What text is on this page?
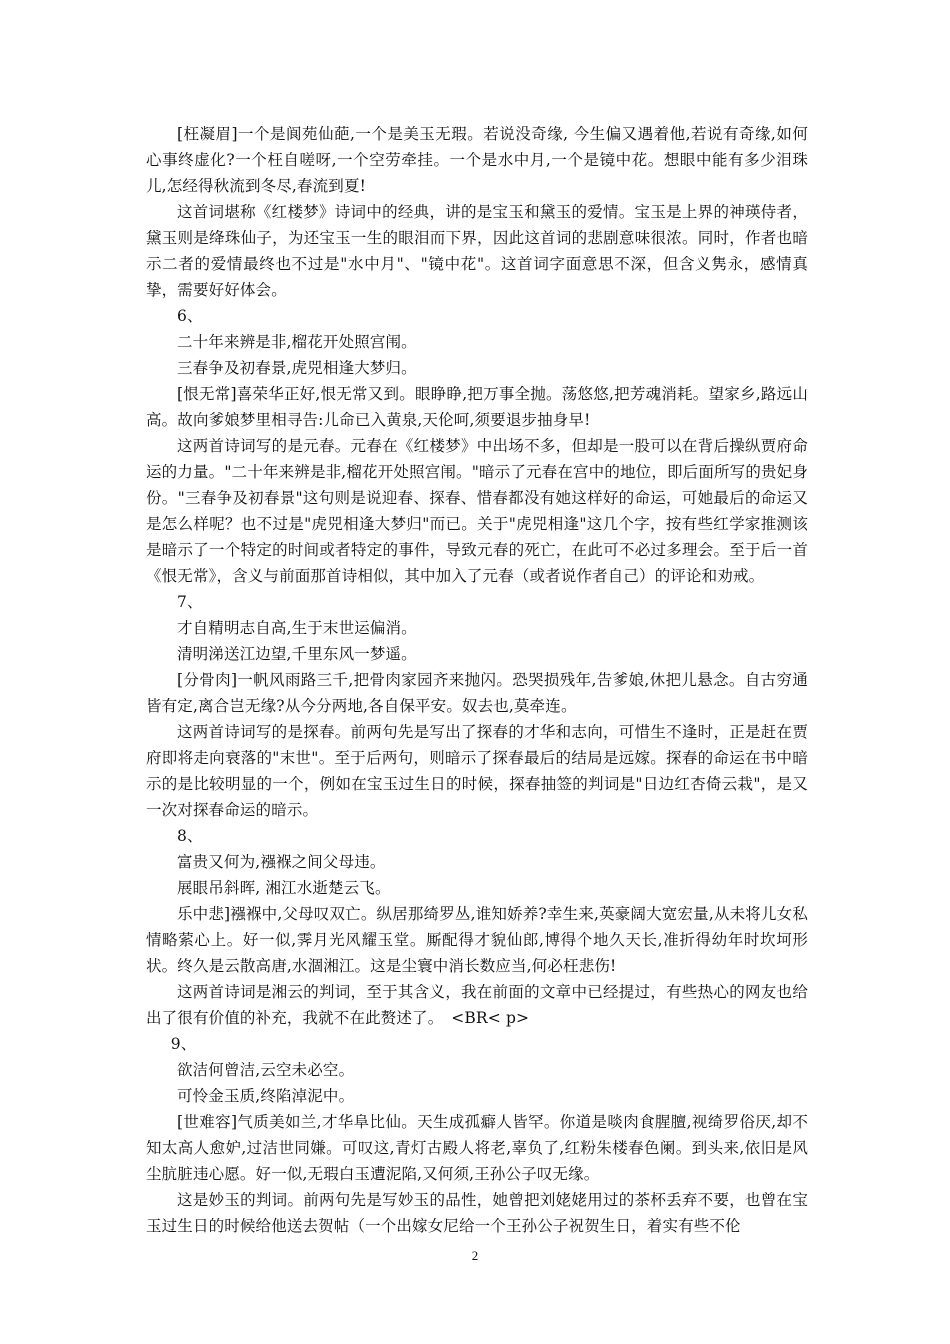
[枉凝眉]一个是阆苑仙葩,一个是美玉无瑕。若说没奇缘, 今生偏又遇着他,若说有奇缘,如何心事终虚化?一个枉自嗟呀,一个空劳牵挂。一个是水中月,一个是镜中花。想眼中能有多少泪珠儿,怎经得秋流到冬尽,春流到夏!

这首词堪称《红楼梦》诗词中的经典，讲的是宝玉和黛玉的爱情。宝玉是上界的神瑛侍者，黛玉则是绛珠仙子，为还宝玉一生的眼泪而下界，因此这首词的悲剧意味很浓。同时，作者也暗示二者的爱情最终也不过是"水中月"、"镜中花"。这首词字面意思不深，但含义隽永，感情真挚，需要好好体会。

6、

二十年来辨是非,榴花开处照宫闱。

三春争及初春景,虎兕相逢大梦归。

[恨无常]喜荣华正好,恨无常又到。眼睁睁,把万事全抛。荡悠悠,把芳魂消耗。望家乡,路远山高。故向爹娘梦里相寻告:儿命已入黄泉,天伦呵,须要退步抽身早!

这两首诗词写的是元春。元春在《红楼梦》中出场不多，但却是一股可以在背后操纵贾府命运的力量。"二十年来辨是非,榴花开处照宫闱。"暗示了元春在宫中的地位，即后面所写的贵妃身份。"三春争及初春景"这句则是说迎春、探春、惜春都没有她这样好的命运，可她最后的命运又是怎么样呢？也不过是"虎兕相逢大梦归"而已。关于"虎兕相逢"这几个字，按有些红学家推测该是暗示了一个特定的时间或者特定的事件，导致元春的死亡，在此可不必过多理会。至于后一首《恨无常》，含义与前面那首诗相似，其中加入了元春（或者说作者自己）的评论和劝戒。

7、

才自精明志自高,生于末世运偏消。

清明涕送江边望,千里东风一梦遥。

[分骨肉]一帆风雨路三千,把骨肉家园齐来抛闪。恐哭损残年,告爹娘,休把儿悬念。自古穷通皆有定,离合岂无缘?从今分两地,各自保平安。奴去也,莫牵连。

这两首诗词写的是探春。前两句先是写出了探春的才华和志向，可惜生不逢时，正是赶在贾府即将走向衰落的"末世"。至于后两句，则暗示了探春最后的结局是远嫁。探春的命运在书中暗示的是比较明显的一个，例如在宝玉过生日的时候，探春抽签的判词是"日边红杏倚云栽"，是又一次对探春命运的暗示。

8、

富贵又何为,襁褓之间父母违。

展眼吊斜晖, 湘江水逝楚云飞。

乐中悲]襁褓中,父母叹双亡。纵居那绮罗丛,谁知娇养?幸生来,英豪阔大宽宏量,从未将儿女私情略萦心上。好一似,霁月光风耀玉堂。厮配得才貌仙郎,博得个地久天长,准折得幼年时坎坷形状。终久是云散高唐,水涸湘江。这是尘寰中消长数应当,何必枉悲伤!

这两首诗词是湘云的判词，至于其含义，我在前面的文章中已经提过，有些热心的网友也给出了很有价值的补充，我就不在此赘述了。　<BR< p>

9、

欲洁何曾洁,云空未必空。

可怜金玉质,终陷淖泥中。

[世难容]气质美如兰,才华阜比仙。天生成孤癖人皆罕。你道是啖肉食腥膻,视绮罗俗厌,却不知太高人愈妒,过洁世同嫌。可叹这,青灯古殿人将老,辜负了,红粉朱楼春色阑。到头来,依旧是风尘肮脏违心愿。好一似,无瑕白玉遭泥陷,又何须,王孙公子叹无缘。

这是妙玉的判词。前两句先是写妙玉的品性，她曾把刘姥姥用过的茶杯丢弃不要，也曾在宝玉过生日的时候给他送去贺帖（一个出嫁女尼给一个王孙公子祝贺生日，着实有些不伦

2
